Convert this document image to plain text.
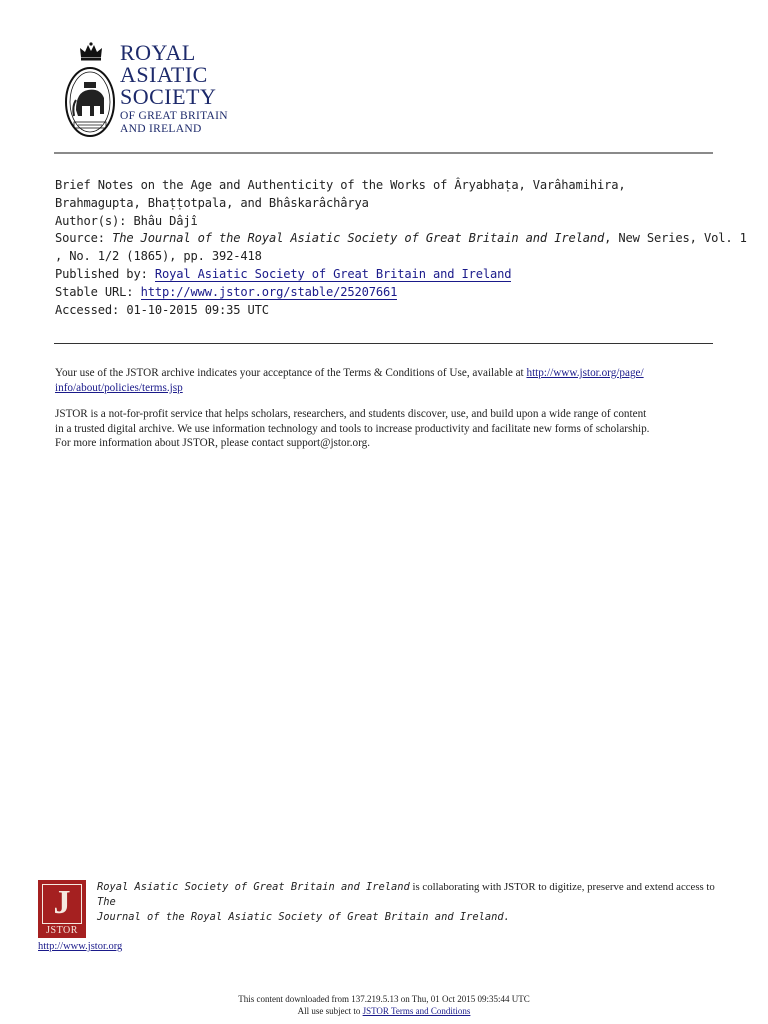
ROYAL
ASIATIC
SOCIETY
OF GREAT BRITAIN
AND IRELAND
Brief Notes on the Age and Authenticity of the Works of Âryabhaṭa, Varâhamihira,
Brahmagupta, Bhaṭṭotpala, and Bhâskarâchârya
Author(s): Bhâu Dâjî
Source: The Journal of the Royal Asiatic Society of Great Britain and Ireland, New Series, Vol. 1
, No. 1/2 (1865), pp. 392-418
Published by: Royal Asiatic Society of Great Britain and Ireland
Stable URL: http://www.jstor.org/stable/25207661
Accessed: 01-10-2015 09:35 UTC

Your use of the JSTOR archive indicates your acceptance of the Terms & Conditions of Use, available at http://www.jstor.org/page/
info/about/policies/terms.jsp

JSTOR is a not-for-profit service that helps scholars, researchers, and students discover, use, and build upon a wide range of content
in a trusted digital archive. We use information technology and tools to increase productivity and facilitate new forms of scholarship.
For more information about JSTOR, please contact support@jstor.org.

J
JSTOR
http://www.jstor.org
Royal Asiatic Society of Great Britain and Ireland is collaborating with JSTOR to digitize, preserve and extend access to The
Journal of the Royal Asiatic Society of Great Britain and Ireland.
This content downloaded from 137.219.5.13 on Thu, 01 Oct 2015 09:35:44 UTC
All use subject to JSTOR Terms and Conditions
